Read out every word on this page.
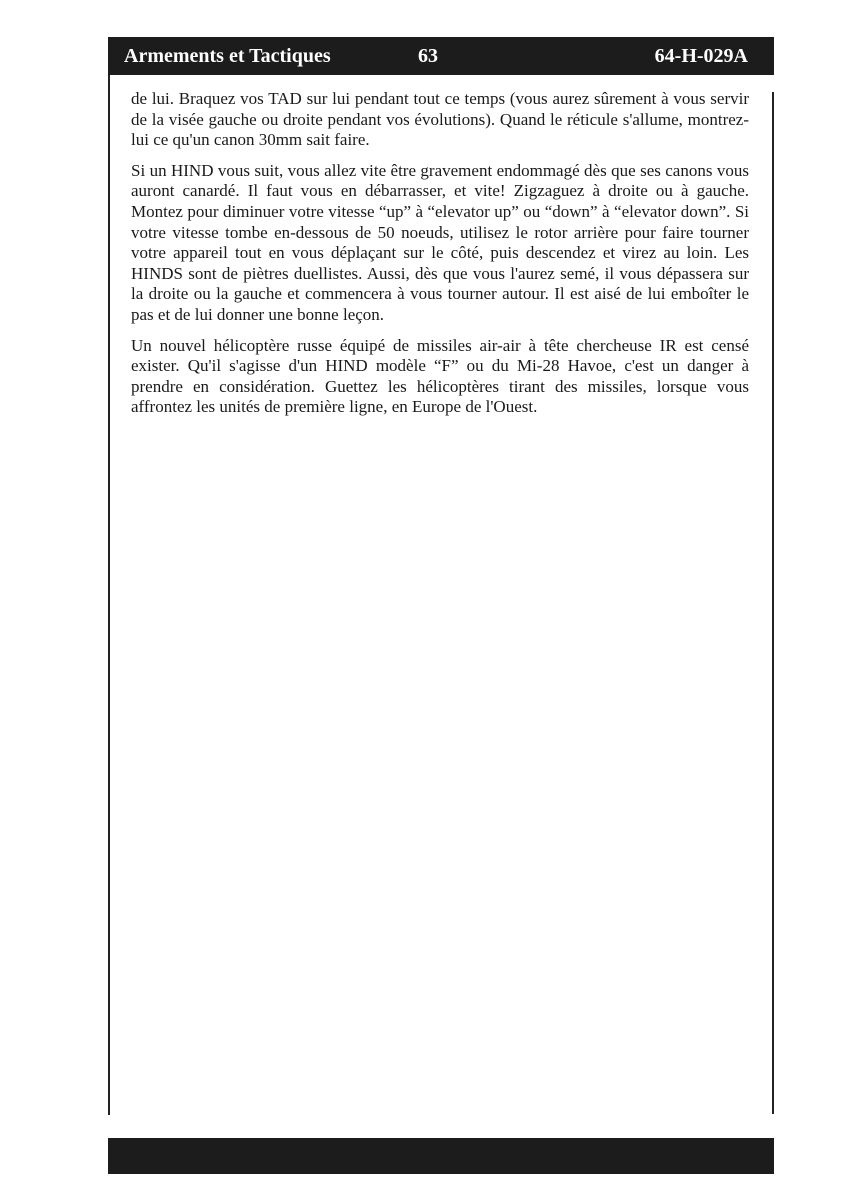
Armements et Tactiques	63	64-H-029A

de lui. Braquez vos TAD sur lui pendant tout ce temps (vous aurez sûrement à vous servir de la visée gauche ou droite pendant vos évolutions). Quand le réticule s'allume, montrez-lui ce qu'un canon 30mm sait faire.

Si un HIND vous suit, vous allez vite être gravement endommagé dès que ses canons vous auront canardé. Il faut vous en débarrasser, et vite! Zigzaguez à droite ou à gauche. Montez pour diminuer votre vitesse “up” à “elevator up” ou “down” à “elevator down”. Si votre vitesse tombe en-dessous de 50 noeuds, utilisez le rotor arrière pour faire tourner votre appareil tout en vous déplaçant sur le côté, puis descendez et virez au loin. Les HINDS sont de piètres duellistes. Aussi, dès que vous l'aurez semé, il vous dépassera sur la droite ou la gauche et commencera à vous tourner autour. Il est aisé de lui emboîter le pas et de lui donner une bonne leçon.

Un nouvel hélicoptère russe équipé de missiles air-air à tête chercheuse IR est censé exister. Qu'il s'agisse d'un HIND modèle “F” ou du Mi-28 Havoe, c'est un danger à prendre en considération. Guettez les hélicoptères tirant des missiles, lorsque vous affrontez les unités de première ligne, en Europe de l'Ouest.
